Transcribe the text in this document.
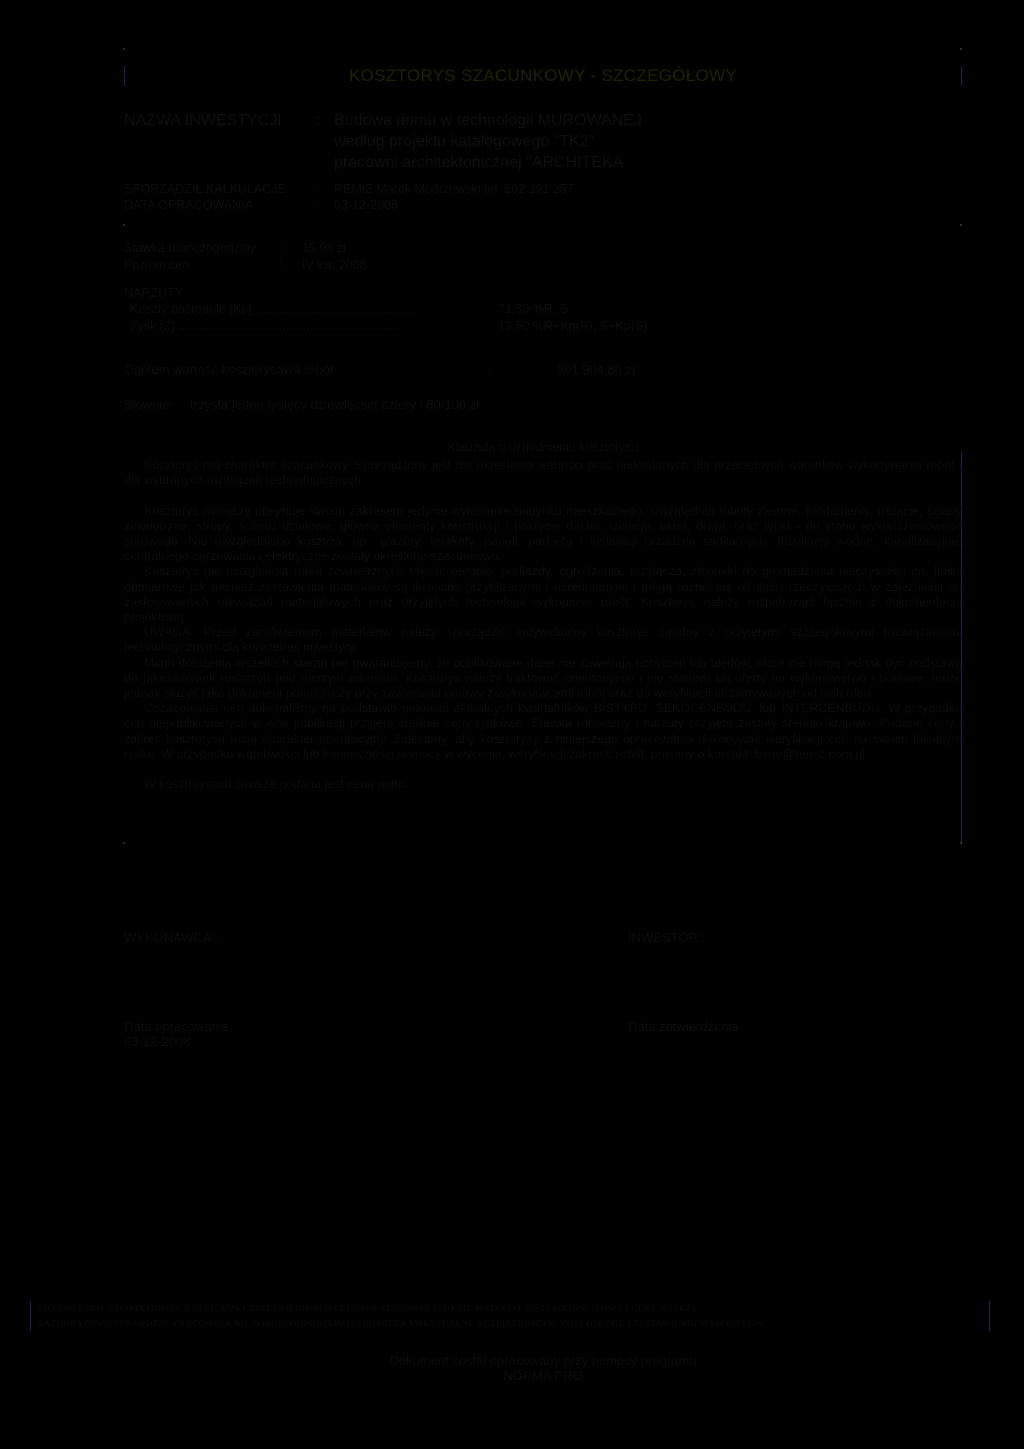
KOSZTORYS SZACUNKOWY - SZCZEGÓŁOWY
NAZWA INWESTYCJI : Budowa domu w technologii MUROWANEJ
według projektu katalogowego "TK2"
pracowni architektonicznej "ARCHITEKA
SPORZĄDZIŁ KALKULACJE : REMIZ Marek Modrzewski tel. 602 391 357
DATA OPRACOWANIA	: 03-12-2008
Stawka roboczogodziny : 15,98 zł
Poziom cen	: IV kw. 2008
NARZUTY
Koszty pośrednie [Kp] ...............................................	71,30 %R, S
Zysk [Z] ................................................................	13,50 %R+Kp(R), S+Kp(S)
Ogółem wartość kosztorysowa robót	:	301 904,80 zł
Słownie: trzysta jeden tysięcy dziewięćset cztery i 80/100 zł

Klauzula o uzgodnieniu kosztorysu

Kosztorys ma charakter szacunkowy. Sporządzony jest dla określenia wartości prac budowlanych dla przeciętnych warunków wykonywania robót i dla wybranych rozwiązań technologicznych.

Kosztorys niniejszy obejmuje swoim zakresem jedynie wykonanie budynku mieszkalnego. Uwzględnia roboty ziemne, fundamenty, izolacje, ściany zewnętrzne, stropy, ścianki działowe, główne elementy konstrukcji i pokrycie dachu, izolacje, okna, drzwi, oraz tynki - do stanu wykończeniowego surowego. Nie uwzględniono kosztów, np.: glazury, terakoty, paneli, parkietu i instalacji urządzeń sanitarnych. Instalacje wodne, kanalizacyjne, centralnego ogrzewania i elektryczne zostały określone szacunkowo.

Kosztorys nie uwzględnia robót zewnętrznych takich: pergole, podjazdy, ogrodzenia, przyłącza, zbiorniki do gromadzenia nieczystości itp. Ilości obmiarowe jak również zestawienia materiałów są ilościami przybliżonymi i uśrednionymi i mogą różnić się od ilości rzeczywistych w zależności od zastosowanych rozwiązań materiałowych oraz przyjętych technologii wykonania robót. Kosztorys należy rozpatrywać łącznie z dokumentacją projektową.

UWAGA: Przed zamówieniem materiałów należy sporządzić indywidualny kosztorys zgodny z przyjętymi szczegółowymi rozwiązaniami technologicznymi dla konkretnej inwestycji.

Mimo dołożenia wszelkich starań nie gwarantujemy, że publikowane dane nie zawierają uchybień lub błędów, które nie mogą jednak być podstawą do jakichkolwiek roszczeń pod naszym adresem. Kosztorys należy traktować orientacyjnie i nie stanowi on oferty na wykonawstwo i budowę, może jednak służyć jako dokument pomocniczy przy zawieraniu umowy z wykonawcami robót oraz do weryfikacji otrzymywanych od nich ofert.

Oszacowania cen dokonaliśmy na podstawie notowań aktualnych kwartalników BISTYPU, SEKOCENBUDU, lub INTERCENBUDU. W przypadku cen niepublikowanych w w/w publikacji przyjęto średnie ceny rynkowe. Stawka robocizny i narzuty przyjęte zostały średnio krajowo. Podane ceny i zakres kosztorysu mają charakter orientacyjny. Zalecamy, aby kosztorysy z niniejszego opracowania dokonywać weryfikacji cen na swoim lokalnym rynku. W przypadku wątpliwości lub konieczności pomocy w wycenie, weryfikacji zakresu robót, prosimy o kontakt: biuro@remiz.com.pl

W kosztorysach zawsze podana jest cena netto.

WYKONAWCA :	INWESTOR :
Data opracowania
03-12-2008
Data zatwierdzenia
NIEODPŁATNIE UDOSTĘPNIONY KOSZTORYS I ZESTAWIENIE MATERIAŁÓW STANOWIĄ JEDYNIE MATERIAŁ POGLĄDOWY. ILOŚCI I CENY NALEŻY
KAŻDORAZOWO SPRAWDZIĆ. PRACOWNIA NIE PONOSI ODPOWIEDZIALNOŚCI ZA EWENTUALNE ROZBIEŻNOŚCI W KOSZTORYSIE I ZESTAWIENIU MATERIAŁÓW
Dokument został opracowany przy pomocy programu
NORMA PRO
